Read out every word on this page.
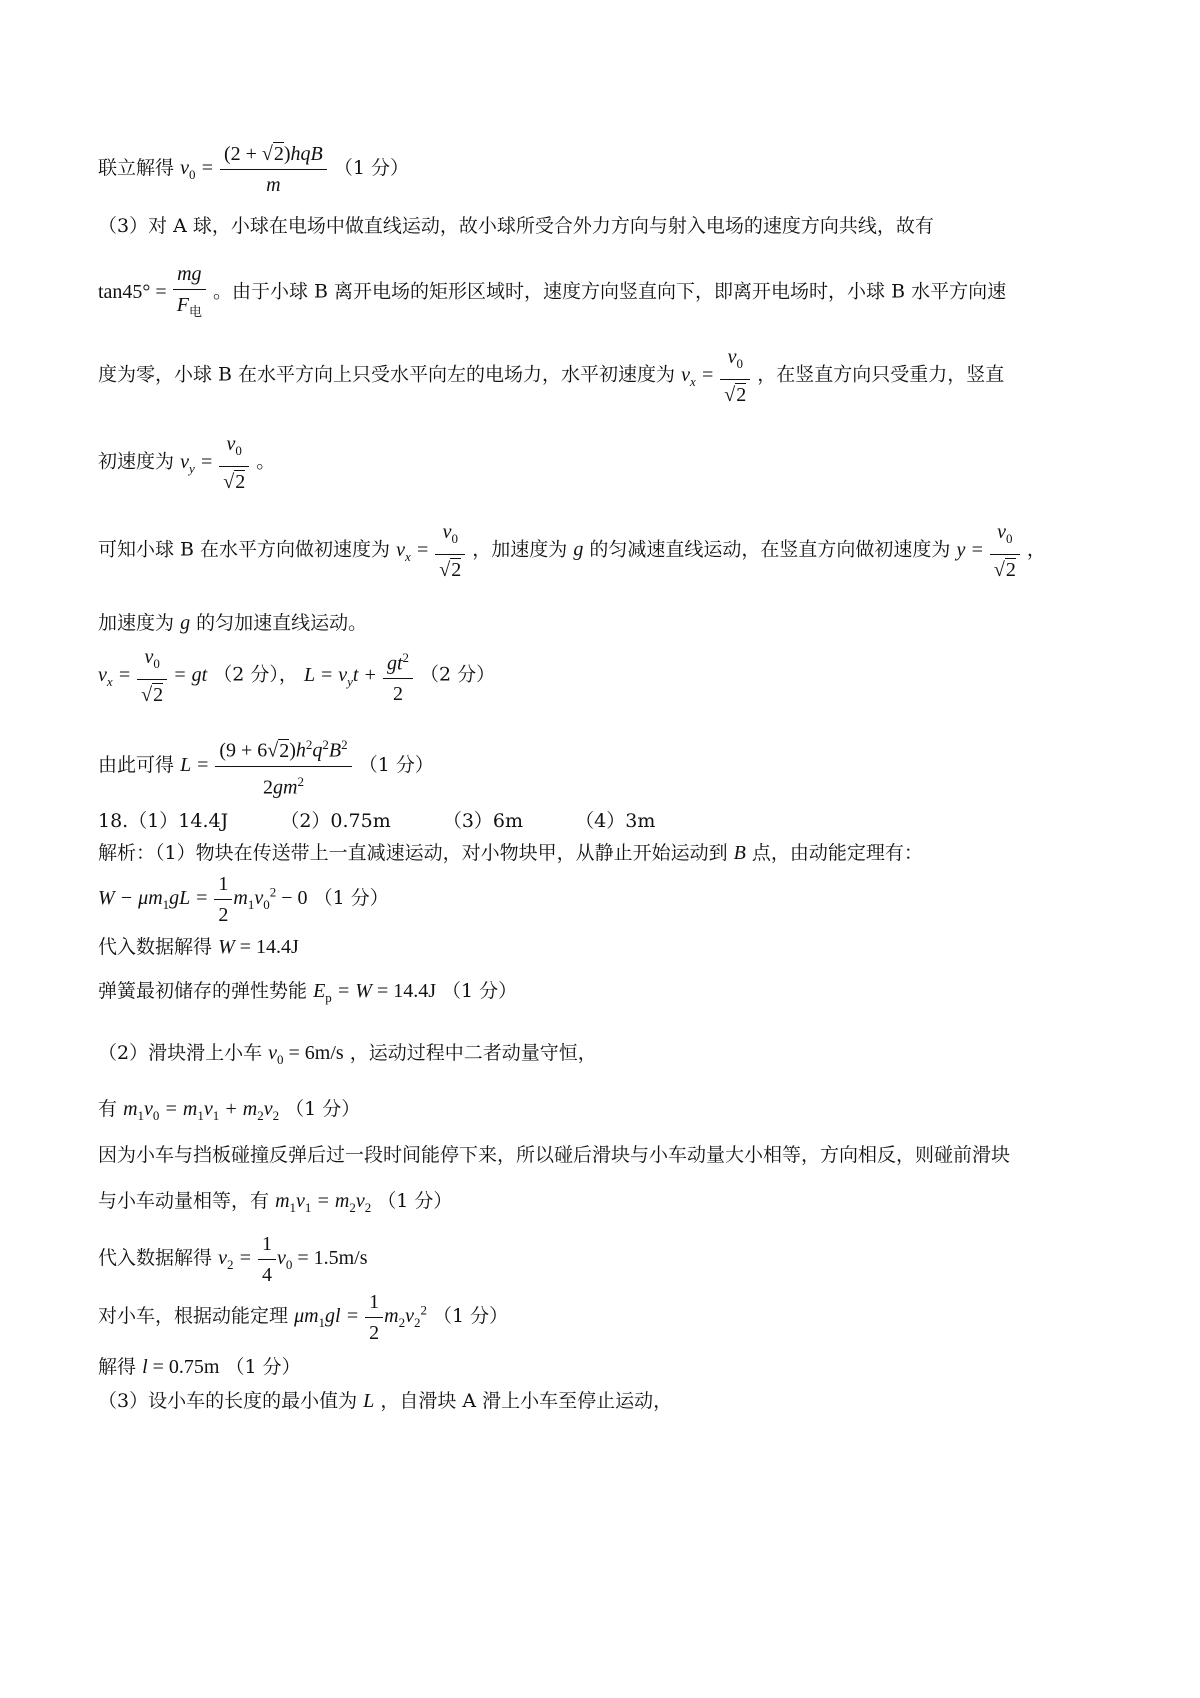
联立解得 $v_0$ =
(2 + √2)hqB
m
（1 分）
（3）对 A 球，小球在电场中做直线运动，故小球所受合外力方向与射入电场的速度方向共线，故有
tan45° =
mg
$F_电$
。由于小球 B 离开电场的矩形区域时，速度方向竖直向下，即离开电场时，小球 B 水平方向速
度为零，小球 B 在水平方向上只受水平向左的电场力，水平初速度为 $v_x = \frac{v_0}{√2}$ ，在竖直方向只受重力，竖直
初速度为 $v_y = \frac{v_0}{√2}$ 。
可知小球 B 在水平方向做初速度为 $v_x = \frac{v_0}{√2}$ ，加速度为 g 的匀减速直线运动，在竖直方向做初速度为 $y = \frac{v_0}{√2}$ ，
加速度为 g 的匀加速直线运动。
$v_x = \frac{v_0}{√2}$ = gt （2 分）， $L = v_yt + \frac{gt^2}{2} (2$ 分）
由此可得 $L = \frac{(9 + 6√2)h^2q^2B^2}{2gm^2} (1$ 分）
18.（1）14.4J	（2）0.75m	（3）6m	（4）3m
解析：（1）物块在传送带上一直减速运动，对小物块甲，从静止开始运动到 B 点，由动能定理有：
$W - \mu m_1gL = \frac{1}{2} m_1v_0^2 - 0$ （1 分）
代入数据解得 W = 14.4J
弹簧最初储存的弹性势能 $E_p = W = 14.4J$ （1 分）
（2）滑块滑上小车 $v_0 = 6m/s$ ，运动过程中二者动量守恒，
有 $m_1v_0 = m_1v_1 + m_2v_2$ （1 分）
因为小车与挡板碰撞反弹后过一段时间能停下来，所以碰后滑块与小车动量大小相等，方向相反，则碰前滑块
与小车动量相等，有 $m_1v_1 = m_2v_2$ （1 分）
代入数据解得 $v_2 = \frac{1}{4} v_0 = 1.5m/s$
对小车，根据动能定理 $\mu m_1gl = \frac{1}{2} m_2v_2^2$ （1 分）
解得 l = 0.75m （1 分）
（3）设小车的长度的最小值为 L ，自滑块 A 滑上小车至停止运动，
